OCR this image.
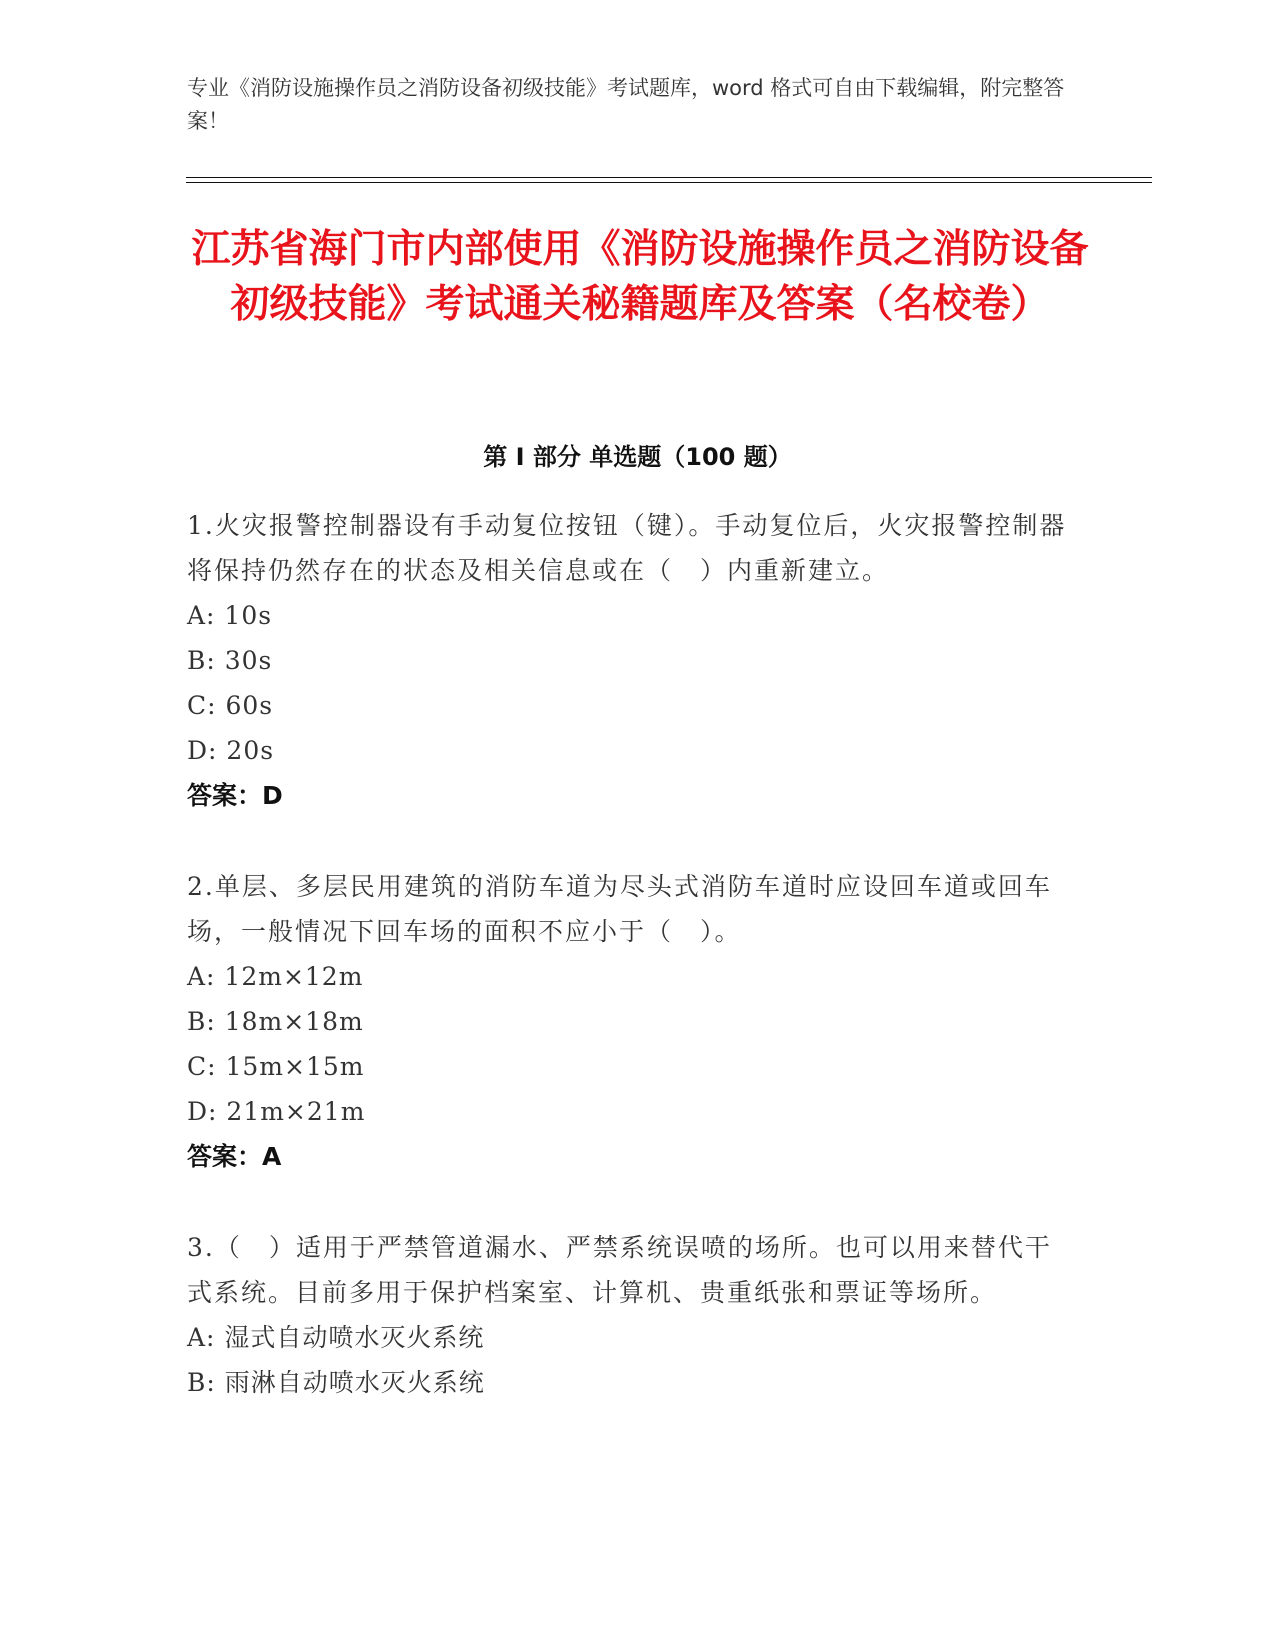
专业《消防设施操作员之消防设备初级技能》考试题库，word 格式可自由下载编辑，附完整答案！
江苏省海门市内部使用《消防设施操作员之消防设备初级技能》考试通关秘籍题库及答案（名校卷）
第 I 部分 单选题（100 题）
1.火灾报警控制器设有手动复位按钮（键）。手动复位后，火灾报警控制器将保持仍然存在的状态及相关信息或在（　）内重新建立。
A: 10s
B: 30s
C: 60s
D: 20s
答案：D
2.单层、多层民用建筑的消防车道为尽头式消防车道时应设回车道或回车场，一般情况下回车场的面积不应小于（　）。
A: 12m×12m
B: 18m×18m
C: 15m×15m
D: 21m×21m
答案：A
3.（　）适用于严禁管道漏水、严禁系统误喷的场所。也可以用来替代干式系统。目前多用于保护档案室、计算机、贵重纸张和票证等场所。
A: 湿式自动喷水灭火系统
B: 雨淋自动喷水灭火系统
